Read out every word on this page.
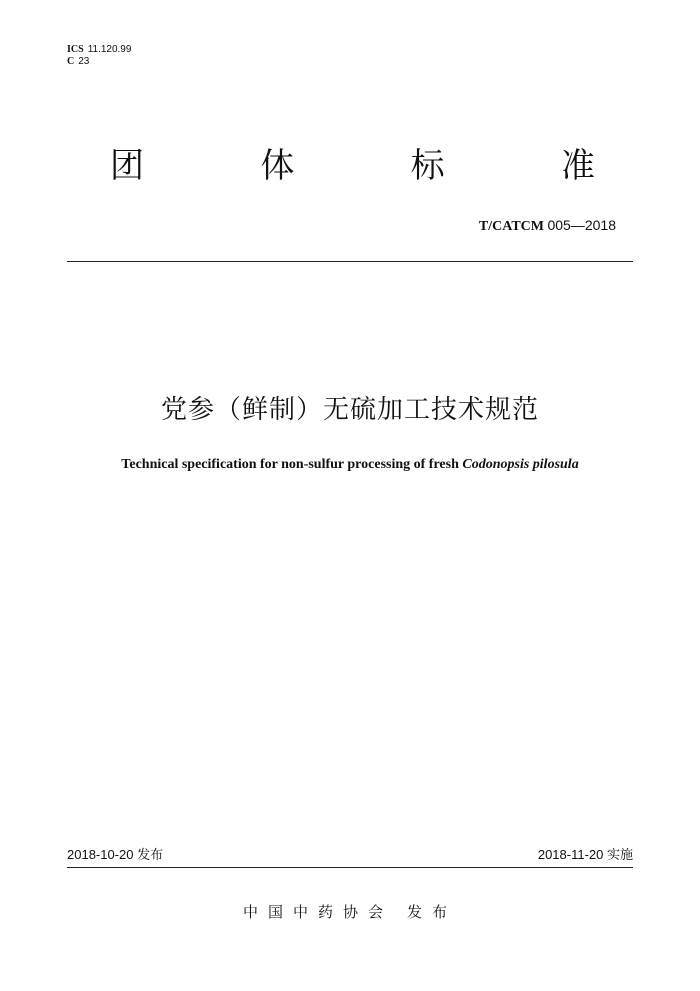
ICS 11.120.99
C 23
团	体	标	准
T/CATCM 005—2018
党参（鲜制）无硫加工技术规范
Technical specification for non-sulfur processing of fresh Codonopsis pilosula
2018-10-20 发布	2018-11-20 实施
中国中药协会 发布
